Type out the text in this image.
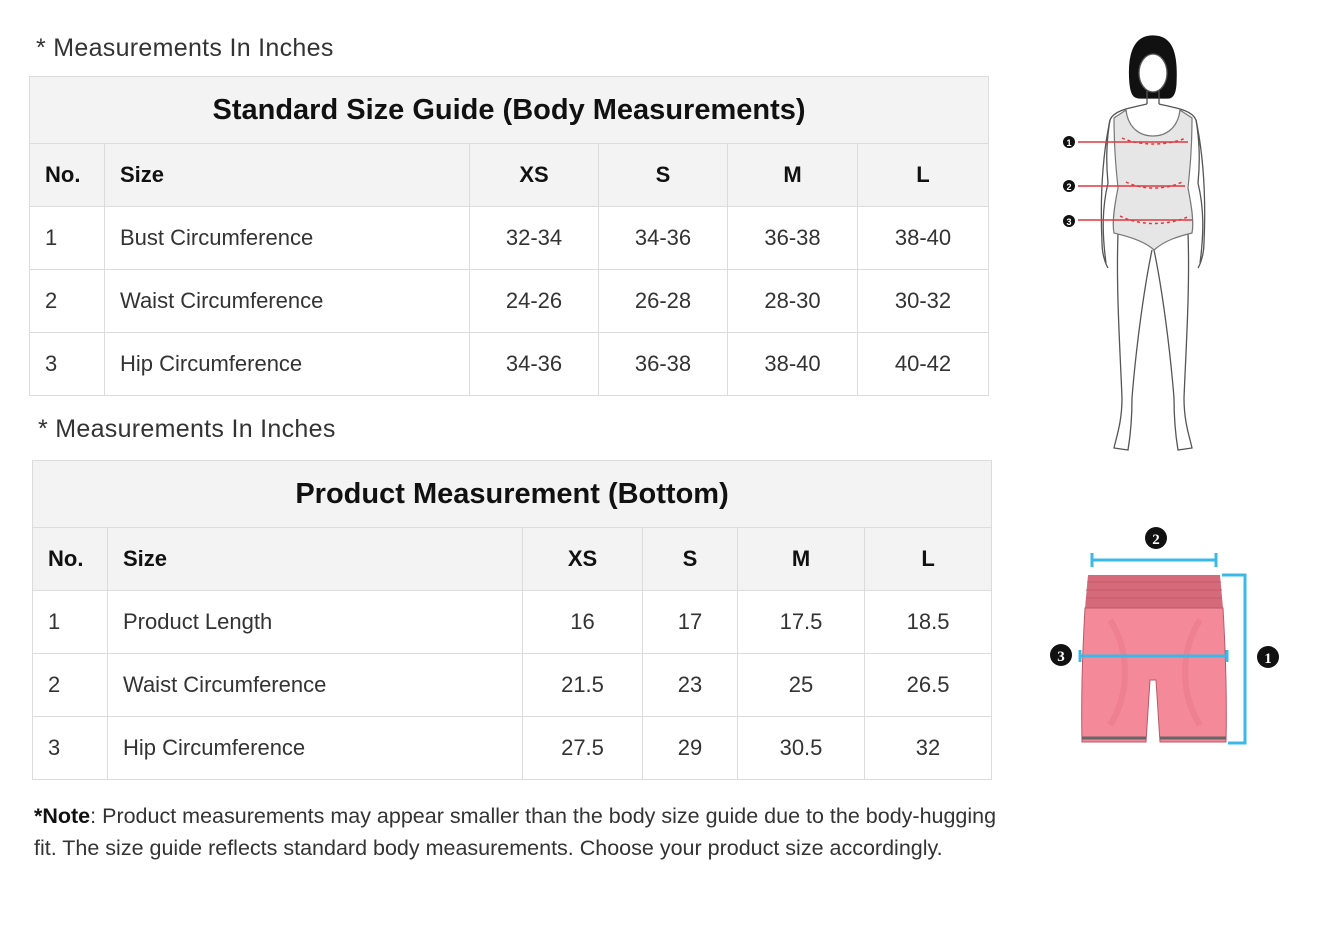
* Measurements In Inches
Standard Size Guide (Body Measurements)					
No.	Size	XS	S	M	L
1	Bust Circumference	32-34	34-36	36-38	38-40
2	Waist Circumference	24-26	26-28	28-30	30-32
3	Hip Circumference	34-36	36-38	38-40	40-42
* Measurements In Inches
Product Measurement (Bottom)					
No.	Size	XS	S	M	L
1	Product Length	16	17	17.5	18.5
2	Waist Circumference	21.5	23	25	26.5
3	Hip Circumference	27.5	29	30.5	32
*Note: Product measurements may appear smaller than the body size guide due to the body-hugging fit. The size guide reflects standard body measurements. Choose your product size accordingly.
1
2
3
2
3	1
